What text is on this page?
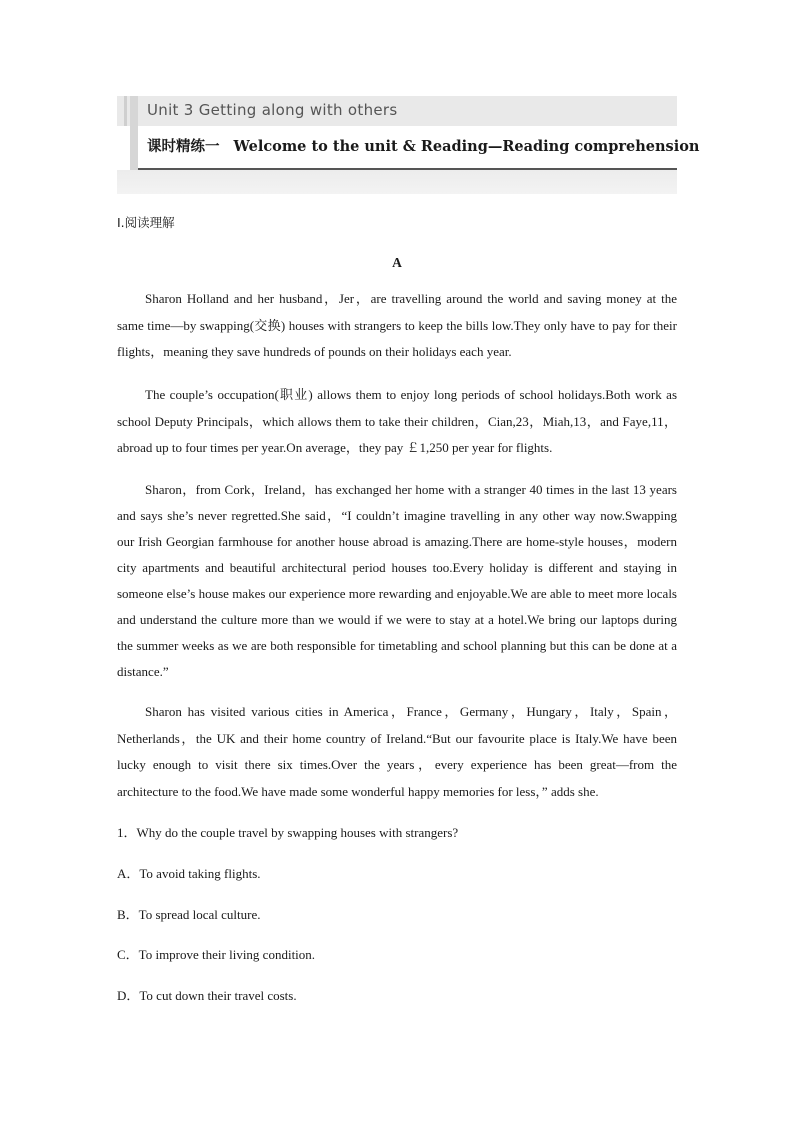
Unit 3 Getting along with others
课时精练一 Welcome to the unit & Reading—Reading comprehension
Ⅰ.阅读理解
A

Sharon Holland and her husband，Jer，are travelling around the world and saving money at the same time—by swapping(交换) houses with strangers to keep the bills low.They only have to pay for their flights，meaning they save hundreds of pounds on their holidays each year.

The couple’s occupation(职业) allows them to enjoy long periods of school holidays.Both work as school Deputy Principals，which allows them to take their children，Cian,23，Miah,13，and Faye,11，abroad up to four times per year.On average，they pay ￡1,250 per year for flights.

Sharon，from Cork，Ireland，has exchanged her home with a stranger 40 times in the last 13 years and says she’s never regretted.She said，“I couldn’t imagine travelling in any other way now.Swapping our Irish Georgian farmhouse for another house abroad is amazing.There are home-style houses，modern city apartments and beautiful architectural period houses too.Every holiday is different and staying in someone else’s house makes our experience more rewarding and enjoyable.We are able to meet more locals and understand the culture more than we would if we were to stay at a hotel.We bring our laptops during the summer weeks as we are both responsible for timetabling and school planning but this can be done at a distance.”

Sharon has visited various cities in America，France，Germany，Hungary，Italy，Spain，Netherlands，the UK and their home country of Ireland.“But our favourite place is Italy.We have been lucky enough to visit there six times.Over the years，every experience has been great—from the architecture to the food.We have made some wonderful happy memories for less，” adds she.

1．Why do the couple travel by swapping houses with strangers?
A．To avoid taking flights.
B．To spread local culture.
C．To improve their living condition.
D．To cut down their travel costs.
